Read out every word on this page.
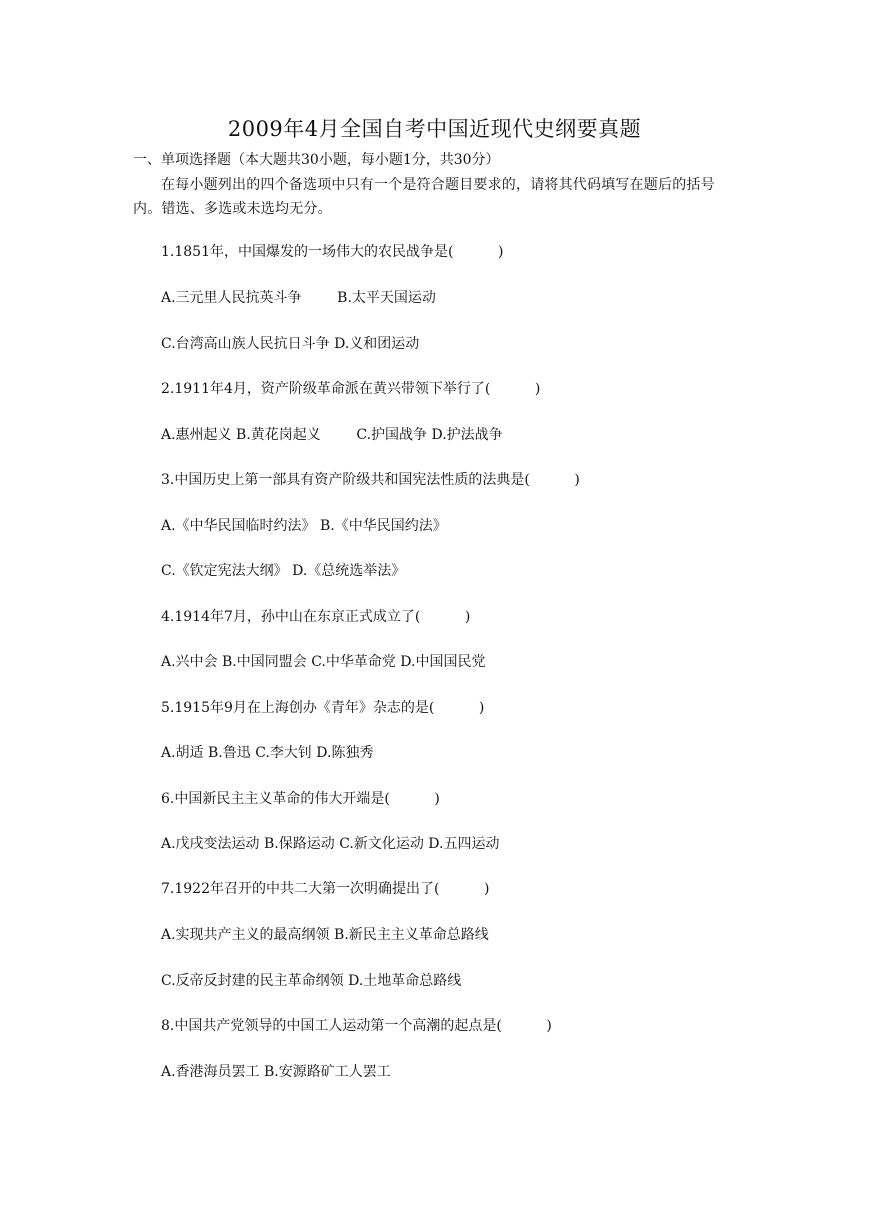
2009年4月全国自考中国近现代史纲要真题
一、单项选择题（本大题共30小题，每小题1分，共30分）
在每小题列出的四个备选项中只有一个是符合题目要求的，请将其代码填写在题后的括号内。错选、多选或未选均无分。
1.1851年，中国爆发的一场伟大的农民战争是(          )
A.三元里人民抗英斗争        B.太平天国运动
C.台湾高山族人民抗日斗争 D.义和团运动
2.1911年4月，资产阶级革命派在黄兴带领下举行了(          )
A.惠州起义 B.黄花岗起义        C.护国战争 D.护法战争
3.中国历史上第一部具有资产阶级共和国宪法性质的法典是(          )
A.《中华民国临时约法》 B.《中华民国约法》
C.《钦定宪法大纲》 D.《总统选举法》
4.1914年7月，孙中山在东京正式成立了(          )
A.兴中会 B.中国同盟会 C.中华革命党 D.中国国民党
5.1915年9月在上海创办《青年》杂志的是(          )
A.胡适 B.鲁迅 C.李大钊 D.陈独秀
6.中国新民主主义革命的伟大开端是(          )
A.戊戌变法运动 B.保路运动 C.新文化运动 D.五四运动
7.1922年召开的中共二大第一次明确提出了(          )
A.实现共产主义的最高纲领 B.新民主主义革命总路线
C.反帝反封建的民主革命纲领 D.土地革命总路线
8.中国共产党领导的中国工人运动第一个高潮的起点是(          )
A.香港海员罢工 B.安源路矿工人罢工
